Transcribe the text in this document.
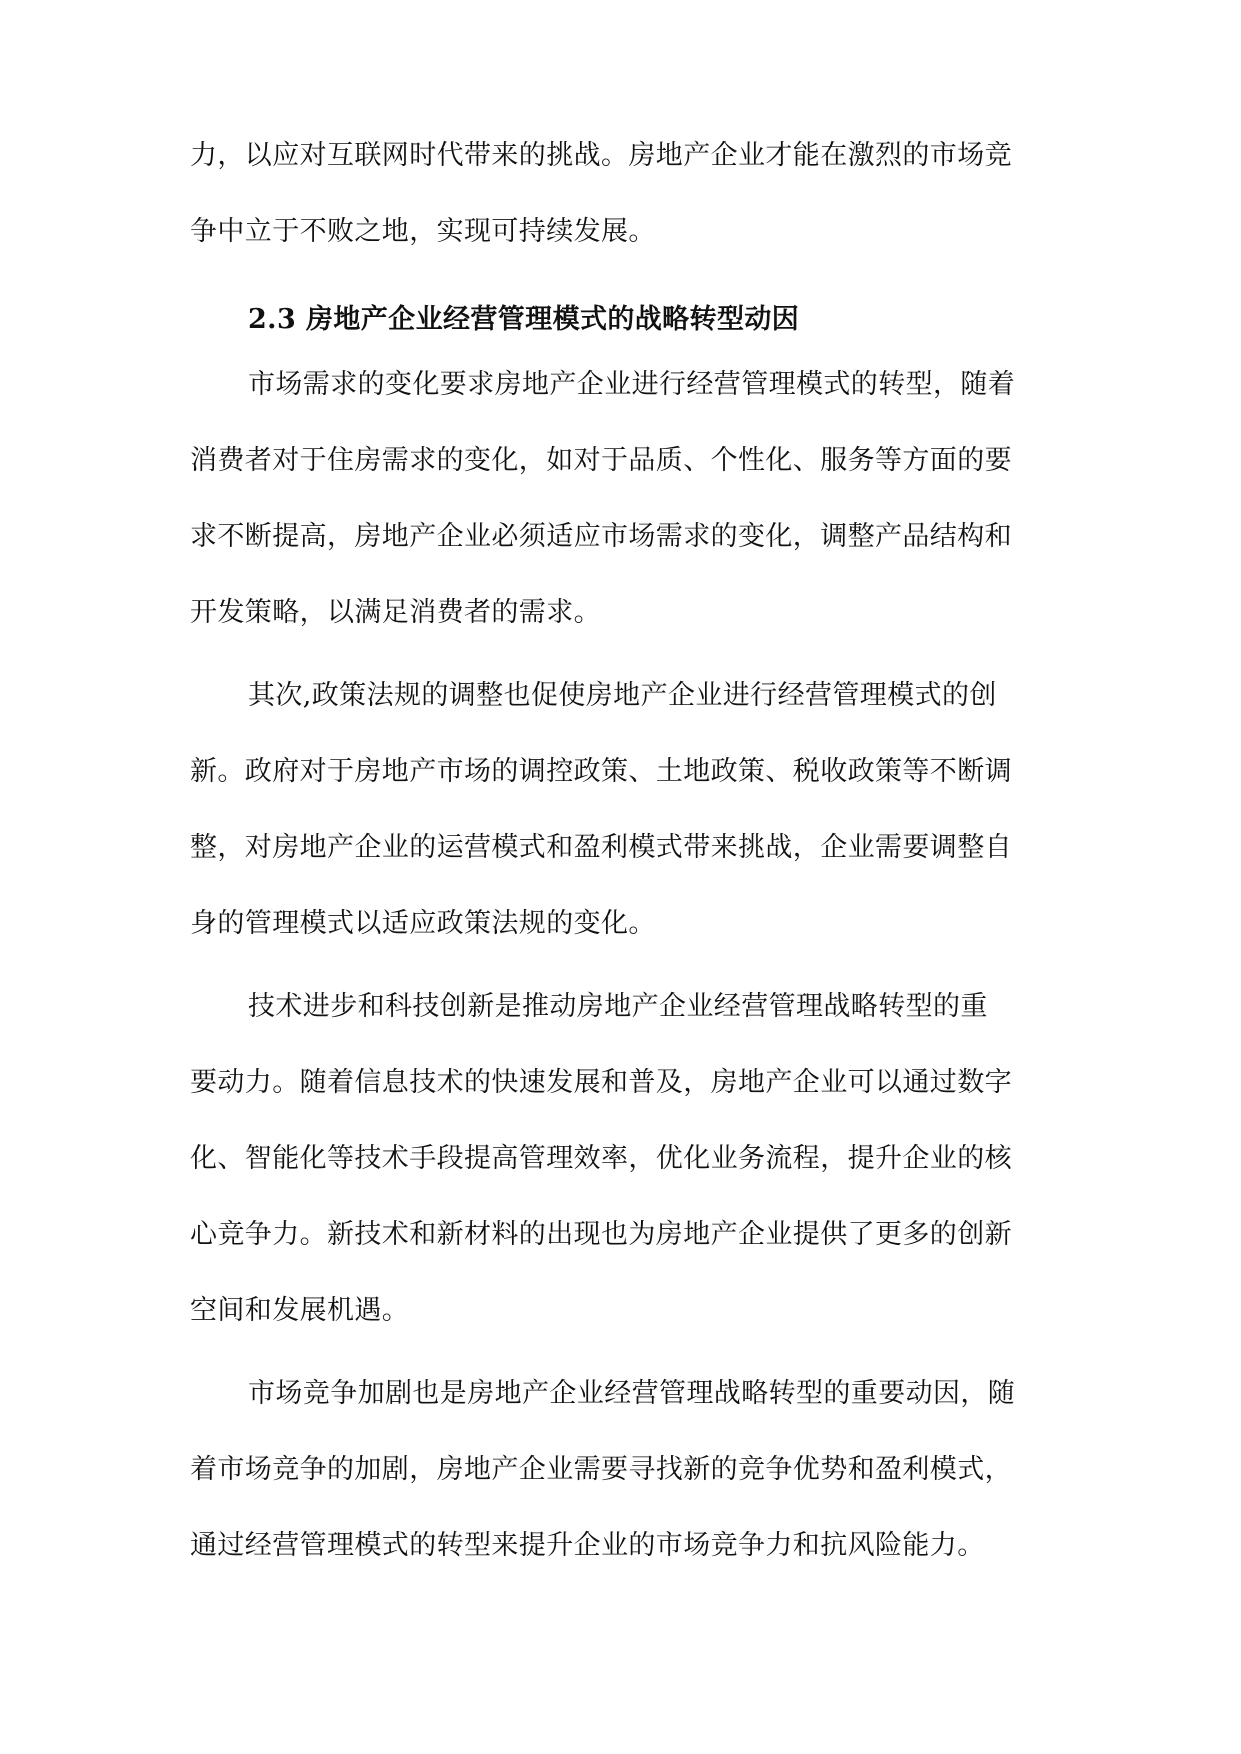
力，以应对互联网时代带来的挑战。房地产企业才能在激烈的市场竞
争中立于不败之地，实现可持续发展。
2.3 房地产企业经营管理模式的战略转型动因
市场需求的变化要求房地产企业进行经营管理模式的转型，随着
消费者对于住房需求的变化，如对于品质、个性化、服务等方面的要
求不断提高，房地产企业必须适应市场需求的变化，调整产品结构和
开发策略，以满足消费者的需求。
其次,政策法规的调整也促使房地产企业进行经营管理模式的创
新。政府对于房地产市场的调控政策、土地政策、税收政策等不断调
整，对房地产企业的运营模式和盈利模式带来挑战，企业需要调整自
身的管理模式以适应政策法规的变化。
技术进步和科技创新是推动房地产企业经营管理战略转型的重
要动力。随着信息技术的快速发展和普及，房地产企业可以通过数字
化、智能化等技术手段提高管理效率，优化业务流程，提升企业的核
心竞争力。新技术和新材料的出现也为房地产企业提供了更多的创新
空间和发展机遇。
市场竞争加剧也是房地产企业经营管理战略转型的重要动因，随
着市场竞争的加剧，房地产企业需要寻找新的竞争优势和盈利模式，
通过经营管理模式的转型来提升企业的市场竞争力和抗风险能力。
